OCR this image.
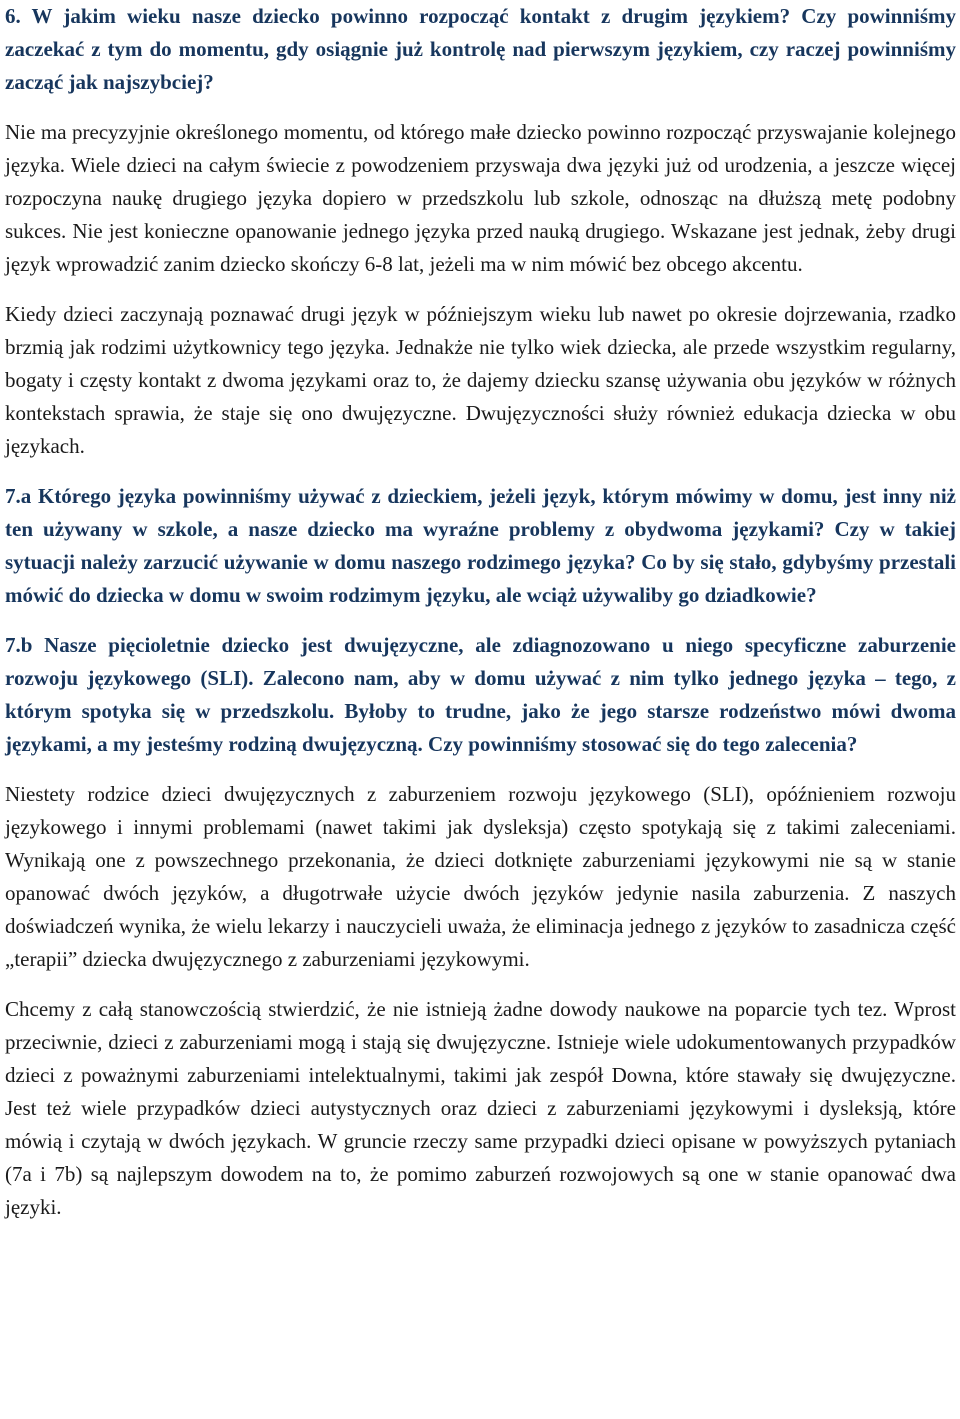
6. W jakim wieku nasze dziecko powinno rozpocząć kontakt z drugim językiem? Czy powinniśmy zaczekać z tym do momentu, gdy osiągnie już kontrolę nad pierwszym językiem, czy raczej powinniśmy zacząć jak najszybciej?

Nie ma precyzyjnie określonego momentu, od którego małe dziecko powinno rozpocząć przyswajanie kolejnego języka. Wiele dzieci na całym świecie z powodzeniem przyswaja dwa języki już od urodzenia, a jeszcze więcej rozpoczyna naukę drugiego języka dopiero w przedszkolu lub szkole, odnosząc na dłuższą metę podobny sukces. Nie jest konieczne opanowanie jednego języka przed nauką drugiego. Wskazane jest jednak, żeby drugi język wprowadzić zanim dziecko skończy 6-8 lat, jeżeli ma w nim mówić bez obcego akcentu.

Kiedy dzieci zaczynają poznawać drugi język w późniejszym wieku lub nawet po okresie dojrzewania, rzadko brzmią jak rodzimi użytkownicy tego języka. Jednakże nie tylko wiek dziecka, ale przede wszystkim regularny, bogaty i częsty kontakt z dwoma językami oraz to, że dajemy dziecku szansę używania obu języków w różnych kontekstach sprawia, że staje się ono dwujęzyczne. Dwujęzyczności służy również edukacja dziecka w obu językach.

7.a Którego języka powinniśmy używać z dzieckiem, jeżeli język, którym mówimy w domu, jest inny niż ten używany w szkole, a nasze dziecko ma wyraźne problemy z obydwoma językami? Czy w takiej sytuacji należy zarzucić używanie w domu naszego rodzimego języka? Co by się stało, gdybyśmy przestali mówić do dziecka w domu w swoim rodzimym języku, ale wciąż używaliby go dziadkowie?

7.b Nasze pięcioletnie dziecko jest dwujęzyczne, ale zdiagnozowano u niego specyficzne zaburzenie rozwoju językowego (SLI). Zalecono nam, aby w domu używać z nim tylko jednego języka – tego, z którym spotyka się w przedszkolu. Byłoby to trudne, jako że jego starsze rodzeństwo mówi dwoma językami, a my jesteśmy rodziną dwujęzyczną. Czy powinniśmy stosować się do tego zalecenia?

Niestety rodzice dzieci dwujęzycznych z zaburzeniem rozwoju językowego (SLI), opóźnieniem rozwoju językowego i innymi problemami (nawet takimi jak dysleksja) często spotykają się z takimi zaleceniami. Wynikają one z powszechnego przekonania, że dzieci dotknięte zaburzeniami językowymi nie są w stanie opanować dwóch języków, a długotrwałe użycie dwóch języków jedynie nasila zaburzenia. Z naszych doświadczeń wynika, że wielu lekarzy i nauczycieli uważa, że eliminacja jednego z języków to zasadnicza część „terapii” dziecka dwujęzycznego z zaburzeniami językowymi.

Chcemy z całą stanowczością stwierdzić, że nie istnieją żadne dowody naukowe na poparcie tych tez. Wprost przeciwnie, dzieci z zaburzeniami mogą i stają się dwujęzyczne. Istnieje wiele udokumentowanych przypadków dzieci z poważnymi zaburzeniami intelektualnymi, takimi jak zespół Downa, które stawały się dwujęzyczne. Jest też wiele przypadków dzieci autystycznych oraz dzieci z zaburzeniami językowymi i dysleksją, które mówią i czytają w dwóch językach. W gruncie rzeczy same przypadki dzieci opisane w powyższych pytaniach (7a i 7b) są najlepszym dowodem na to, że pomimo zaburzeń rozwojowych są one w stanie opanować dwa języki.
